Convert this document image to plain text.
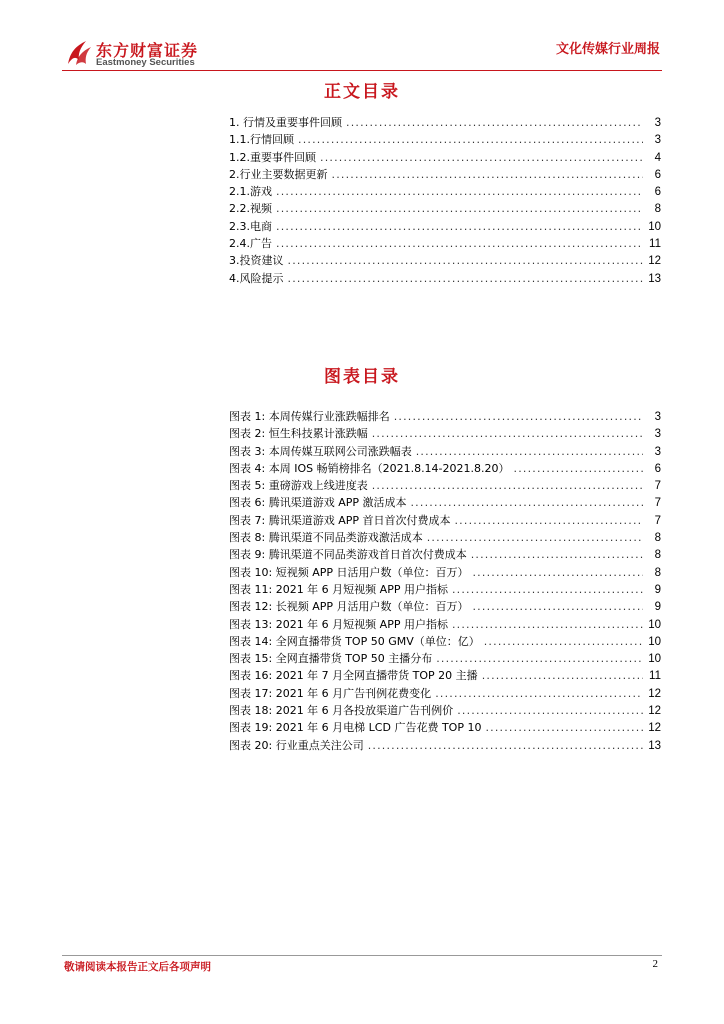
东方财富证券
Eastmoney Securities
文化传媒行业周报
正文目录
1. 行情及重要事件回顾 .....	3
1.1.行情回顾 .....	3
1.2.重要事件回顾 .....	4
2.行业主要数据更新 .....	6
2.1.游戏 .....	6
2.2.视频 .....	8
2.3.电商 .....	10
2.4.广告 .....	11
3.投资建议 .....	12
4.风险提示 .....	13
图表目录
图表 1: 本周传媒行业涨跌幅排名 .....	3
图表 2: 恒生科技累计涨跌幅 .....	3
图表 3: 本周传媒互联网公司涨跌幅表 .....	3
图表 4: 本周 IOS 畅销榜排名（2021.8.14-2021.8.20） .....	6
图表 5: 重磅游戏上线进度表 .....	7
图表 6: 腾讯渠道游戏 APP 激活成本 .....	7
图表 7: 腾讯渠道游戏 APP 首日首次付费成本 .....	7
图表 8: 腾讯渠道不同品类游戏激活成本 .....	8
图表 9: 腾讯渠道不同品类游戏首日首次付费成本 .....	8
图表 10: 短视频 APP 日活用户数（单位：百万） .....	8
图表 11: 2021 年 6 月短视频 APP 用户指标 .....	9
图表 12: 长视频 APP 月活用户数（单位：百万） .....	9
图表 13: 2021 年 6 月短视频 APP 用户指标 .....	10
图表 14: 全网直播带货 TOP 50 GMV（单位：亿） .....	10
图表 15: 全网直播带货 TOP 50 主播分布 .....	10
图表 16: 2021 年 7 月全网直播带货 TOP 20 主播 .....	11
图表 17: 2021 年 6 月广告刊例花费变化 .....	12
图表 18: 2021 年 6 月各投放渠道广告刊例价 .....	12
图表 19: 2021 年 6 月电梯 LCD 广告花费 TOP 10 .....	12
图表 20: 行业重点关注公司 .....	13
敬请阅读本报告正文后各项声明	2
